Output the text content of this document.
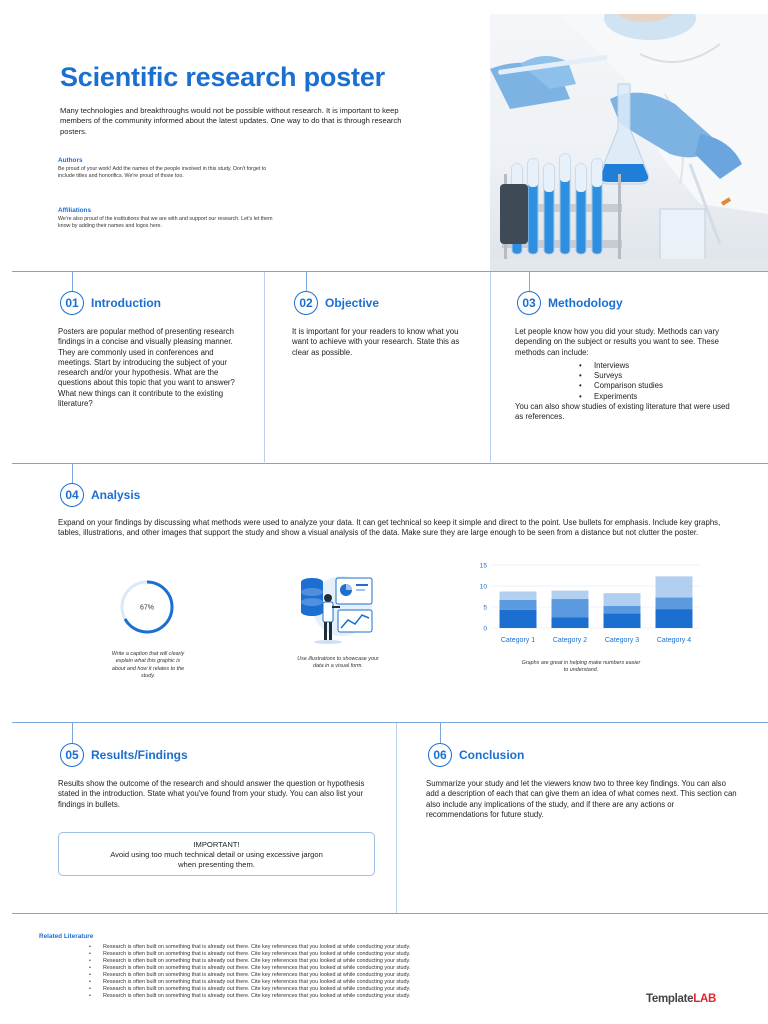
Scientific research poster
Many technologies and breakthroughs would not be possible without research. It is important to keep members of the community informed about the latest updates. One way to do that is through research posters.
Authors
Be proud of your work! Add the names of the people involved in this study. Don't forget to include titles and honorifics. We're proud of those too.
Affiliations
We're also proud of the institutions that we are with and support our research. Let's let them know by adding their names and logos here.
01	Introduction
Posters are popular method of presenting research findings in a concise and visually pleasing manner. They are commonly used in conferences and meetings. Start by introducing the subject of your research and/or your hypothesis. What are the questions about this topic that you want to answer? What new things can it contribute to the existing literature?
02	Objective
It is important for your readers to know what you want to achieve with your research. State this as clear as possible.
03	Methodology
Let people know how you did your study. Methods can vary depending on the subject or results you want to see. These methods can include:
• Interviews
• Surveys
• Comparison studies
• Experiments
You can also show studies of existing literature that were used as references.
04	Analysis
Expand on your findings by discussing what methods were used to analyze your data. It can get technical so keep it simple and direct to the point. Use bullets for emphasis. Include key graphs, tables, illustrations, and other images that support the study and show a visual analysis of the data. Make sure they are large enough to be seen from a distance but not clutter the poster.
67%
Write a caption that will clearly explain what this graphic is about and how it relates to the study.
Use illustrations to showcase your data in a visual form.
0
5
10
15
Category 1	Category 2	Category 3	Category 4
Graphs are great in helping make numbers easier to understand.
05	Results/Findings
Results show the outcome of the research and should answer the question or hypothesis stated in the introduction. State what you've found from your study. You can also list your findings in bullets.
IMPORTANT!
Avoid using too much technical detail or using excessive jargon when presenting them.
06	Conclusion
Summarize your study and let the viewers know two to three key findings. You can also add a description of each that can give them an idea of what comes next. This section can also include any implications of the study, and if there are any actions or recommendations for future study.
Related Literature
• Research is often built on something that is already out there. Cite key references that you looked at while conducting your study.
• Research is often built on something that is already out there. Cite key references that you looked at while conducting your study.
• Research is often built on something that is already out there. Cite key references that you looked at while conducting your study.
• Research is often built on something that is already out there. Cite key references that you looked at while conducting your study.
• Research is often built on something that is already out there. Cite key references that you looked at while conducting your study.
• Research is often built on something that is already out there. Cite key references that you looked at while conducting your study.
• Research is often built on something that is already out there. Cite key references that you looked at while conducting your study.
• Research is often built on something that is already out there. Cite key references that you looked at while conducting your study.	TemplateLAB
